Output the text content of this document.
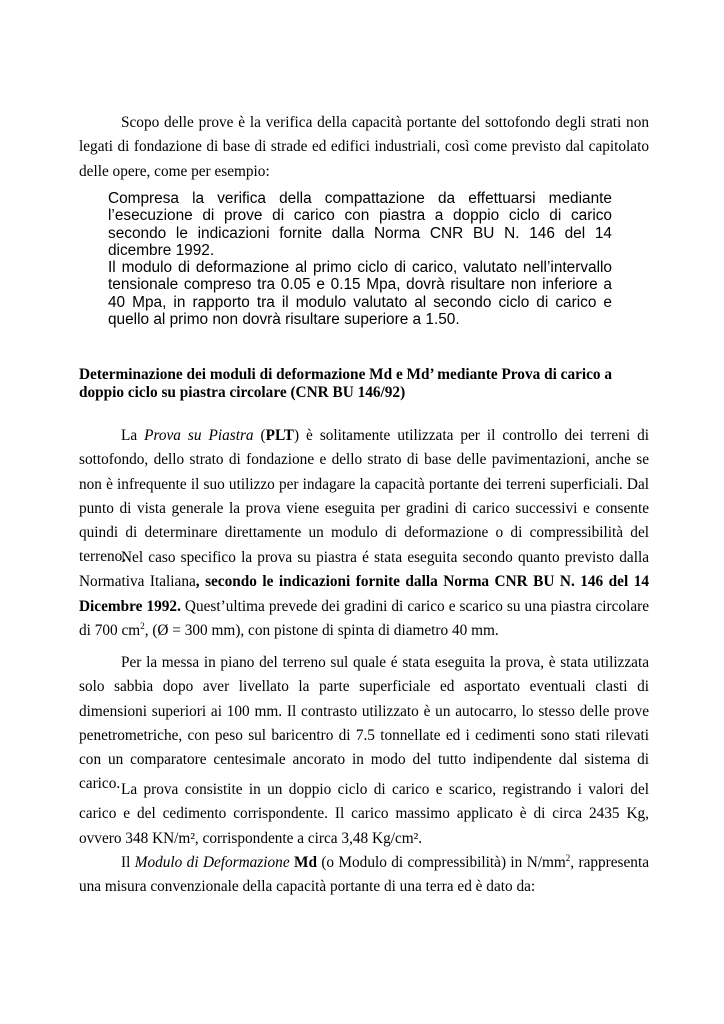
Scopo delle prove è la verifica della capacità portante del sottofondo degli strati non legati di fondazione di base di strade ed edifici industriali, così come previsto dal capitolato delle opere, come per esempio:

Compresa la verifica della compattazione da effettuarsi mediante l’esecuzione di prove di carico con piastra a doppio ciclo di carico secondo le indicazioni fornite dalla Norma CNR BU N. 146 del 14 dicembre 1992.
Il modulo di deformazione al primo ciclo di carico, valutato nell’intervallo tensionale compreso tra 0.05 e 0.15 Mpa, dovrà risultare non inferiore a 40 Mpa, in rapporto tra il modulo valutato al secondo ciclo di carico e quello al primo non dovrà risultare superiore a 1.50.

Determinazione dei moduli di deformazione Md e Md’ mediante Prova di carico a doppio ciclo su piastra circolare (CNR BU 146/92)

La Prova su Piastra (PLT) è solitamente utilizzata per il controllo dei terreni di sottofondo, dello strato di fondazione e dello strato di base delle pavimentazioni, anche se non è infrequente il suo utilizzo per indagare la capacità portante dei terreni superficiali. Dal punto di vista generale la prova viene eseguita per gradini di carico successivi e consente quindi di determinare direttamente un modulo di deformazione o di compressibilità del terreno.

Nel caso specifico la prova su piastra é stata eseguita secondo quanto previsto dalla Normativa Italiana, secondo le indicazioni fornite dalla Norma CNR BU N. 146 del 14 Dicembre 1992. Quest’ultima prevede dei gradini di carico e scarico su una piastra circolare di 700 $cm^2$, (Ø = 300 mm), con pistone di spinta di diametro 40 mm.

Per la messa in piano del terreno sul quale é stata eseguita la prova, è stata utilizzata solo sabbia dopo aver livellato la parte superficiale ed asportato eventuali clasti di dimensioni superiori ai 100 mm. Il contrasto utilizzato è un autocarro, lo stesso delle prove penetrometriche, con peso sul baricentro di 7.5 tonnellate ed i cedimenti sono stati rilevati con un comparatore centesimale ancorato in modo del tutto indipendente dal sistema di carico. La prova consistite in un doppio ciclo di carico e scarico, registrando i valori del carico e del cedimento corrispondente. Il carico massimo applicato è di circa 2435 Kg, ovvero 348 KN/m², corrispondente a circa 3,48 Kg/cm².

Il Modulo di Deformazione Md (o Modulo di compressibilità) in $N/mm^2$, rappresenta una misura convenzionale della capacità portante di una terra ed è dato da:
